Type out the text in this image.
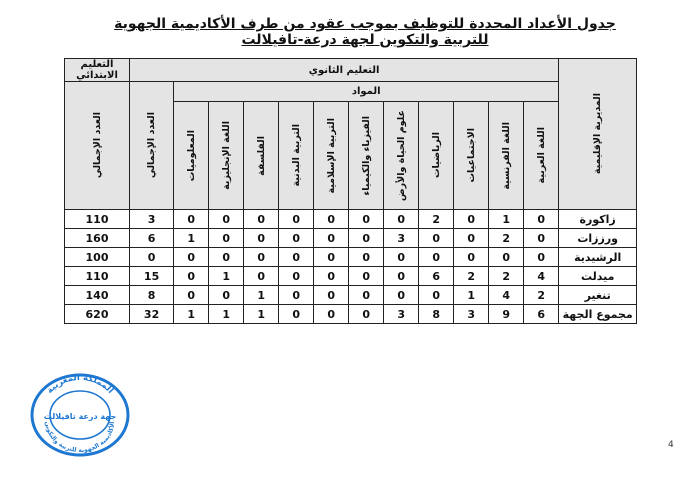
جدول الأعداد المحددة للتوظيف بموجب عقود من طرف الأكاديمية الجهوية للتربية والتكوين لجهة درعة-تافيلالت
المديرية الإقليمية	التعليم الثانوي												التعليم الابتدائي
	المواد											العدد الإجمالي	العدد الإجمالي

	اللغة العربية	اللغة الفرنسية	الاجتماعيات	الرياضيات	علوم الحياة والأرض	الفيزياء والكيمياء	التربية الإسلامية	التربية البدنية	الفلسفة	اللغة الإنجليزية	المعلوميات		

زاكورة	0	1	0	2	0	0	0	0	0	0	0	3	110
ورززات	0	2	0	0	3	0	0	0	0	0	1	6	160
الرشيدية	0	0	0	0	0	0	0	0	0	0	0	0	100
ميدلت	4	2	2	6	0	0	0	0	0	1	0	15	110
تنغير	2	4	1	0	0	0	0	0	1	0	0	8	140
مجموع الجهة	6	9	3	8	3	0	0	0	1	1	1	32	620
المملكة المغربية
الأكاديمية الجهوية للتربية والتكوين
جهة درعة تافيلالت
4
